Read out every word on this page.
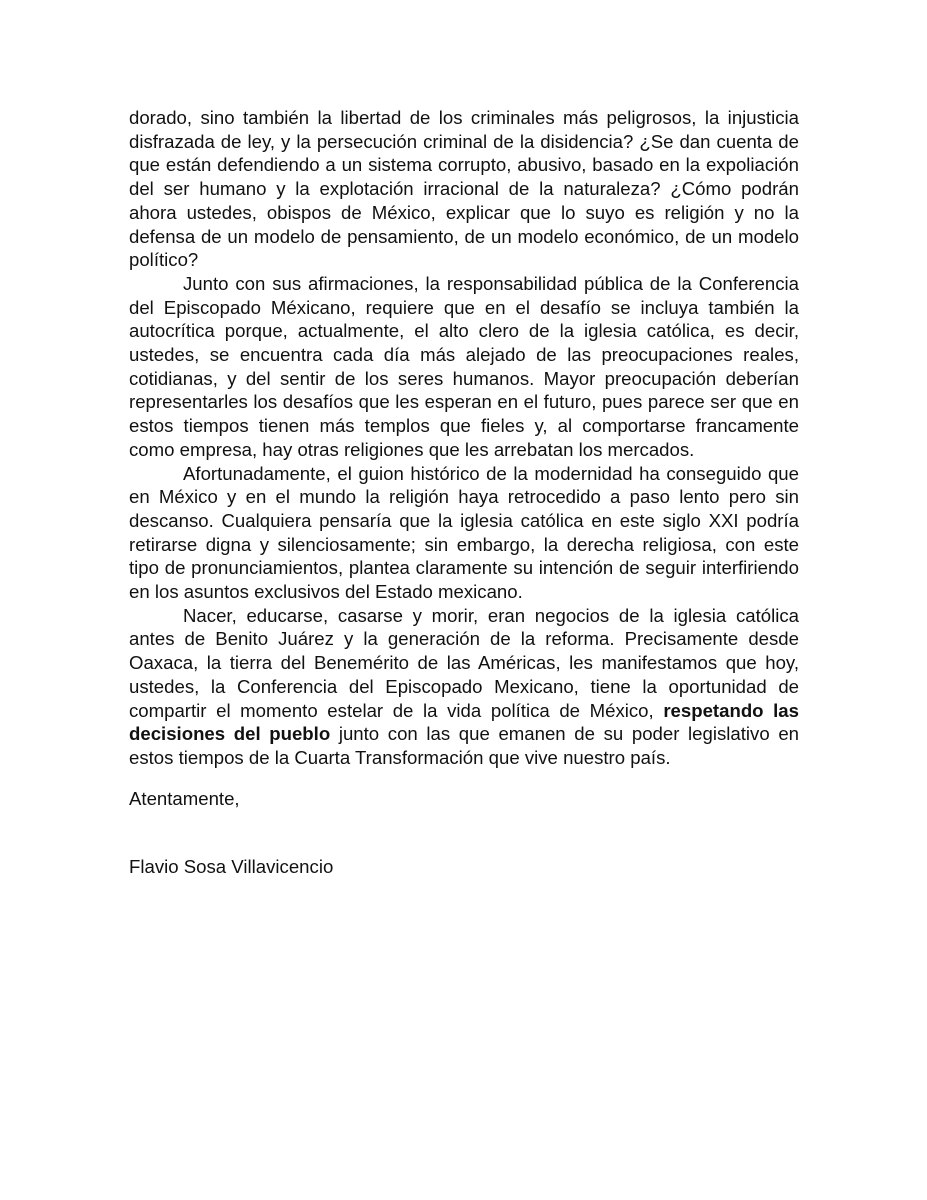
dorado, sino también la libertad de los criminales más peligrosos, la injusticia disfrazada de ley, y la persecución criminal de la disidencia? ¿Se dan cuenta de que están defendiendo a un sistema corrupto, abusivo, basado en la expoliación del ser humano y la explotación irracional de la naturaleza? ¿Cómo podrán ahora ustedes, obispos de México, explicar que lo suyo es religión y no la defensa de un modelo de pensamiento, de un modelo económico, de un modelo político?

Junto con sus afirmaciones, la responsabilidad pública de la Conferencia del Episcopado Méxicano, requiere que en el desafío se incluya también la autocrítica porque, actualmente, el alto clero de la iglesia católica, es decir, ustedes, se encuentra cada día más alejado de las preocupaciones reales, cotidianas, y del sentir de los seres humanos. Mayor preocupación deberían representarles los desafíos que les esperan en el futuro, pues parece ser que en estos tiempos tienen más templos que fieles y, al comportarse francamente como empresa, hay otras religiones que les arrebatan los mercados.

Afortunadamente, el guion histórico de la modernidad ha conseguido que en México y en el mundo la religión haya retrocedido a paso lento pero sin descanso. Cualquiera pensaría que la iglesia católica en este siglo XXI podría retirarse digna y silenciosamente; sin embargo, la derecha religiosa, con este tipo de pronunciamientos, plantea claramente su intención de seguir interfiriendo en los asuntos exclusivos del Estado mexicano.

Nacer, educarse, casarse y morir, eran negocios de la iglesia católica antes de Benito Juárez y la generación de la reforma. Precisamente desde Oaxaca, la tierra del Benemérito de las Américas, les manifestamos que hoy, ustedes, la Conferencia del Episcopado Mexicano, tiene la oportunidad de compartir el momento estelar de la vida política de México, respetando las decisiones del pueblo junto con las que emanen de su poder legislativo en estos tiempos de la Cuarta Transformación que vive nuestro país.

Atentamente,

Flavio Sosa Villavicencio
